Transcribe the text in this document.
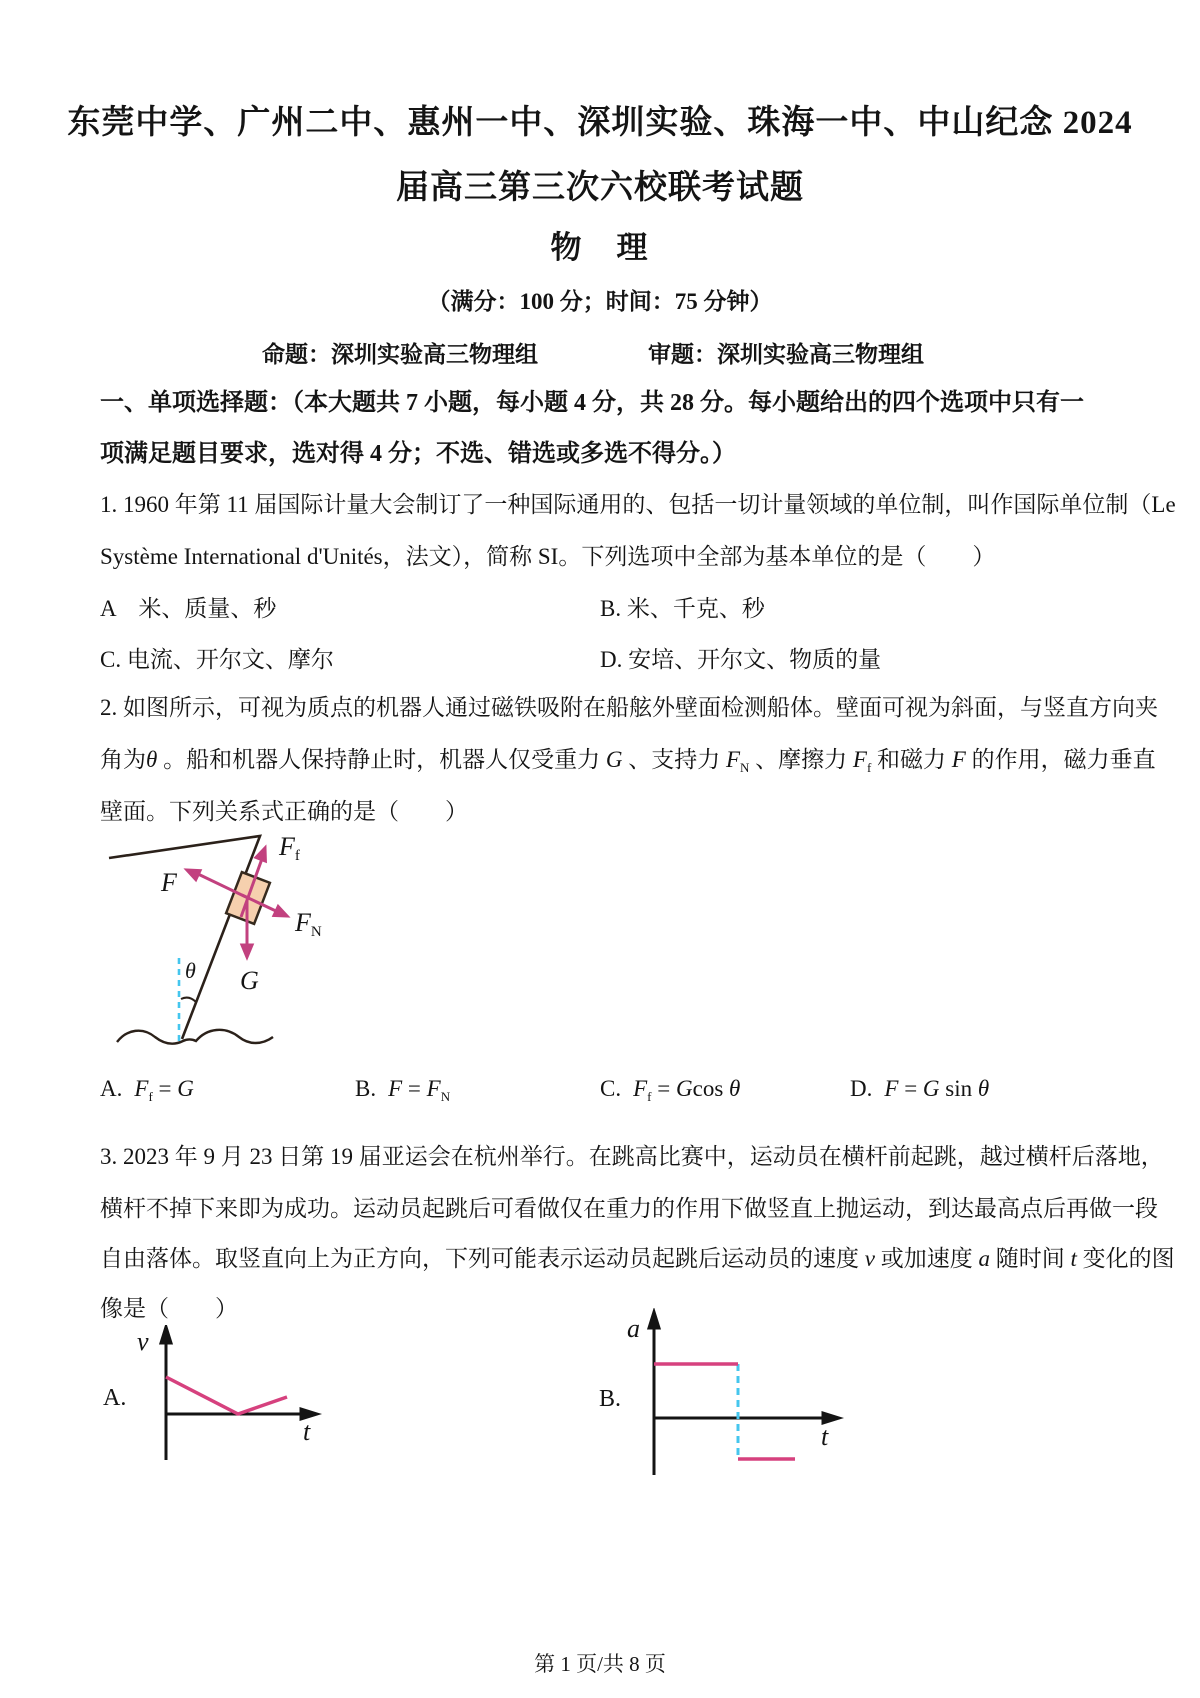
东莞中学、广州二中、惠州一中、深圳实验、珠海一中、中山纪念 2024
届高三第三次六校联考试题
物　理
（满分：100 分；时间：75 分钟）
命题：深圳实验高三物理组	审题：深圳实验高三物理组
一、单项选择题：（本大题共 7 小题，每小题 4 分，共 28 分。每小题给出的四个选项中只有一
项满足题目要求，选对得 4 分；不选、错选或多选不得分。）
1. 1960 年第 11 届国际计量大会制订了一种国际通用的、包括一切计量领域的单位制，叫作国际单位制（Le
Système International d'Unités，法文），简称 SI。下列选项中全部为基本单位的是（　　）
A　米、质量、秒	B. 米、千克、秒
C. 电流、开尔文、摩尔	D. 安培、开尔文、物质的量
2. 如图所示，可视为质点的机器人通过磁铁吸附在船舷外壁面检测船体。壁面可视为斜面，与竖直方向夹
角为θ 。船和机器人保持静止时，机器人仅受重力 G 、支持力 $F_N$ 、摩擦力 $F_f$ 和磁力 F 的作用，磁力垂直
壁面。下列关系式正确的是（　　）
F
$F_f$
$F_N$
G
θ
A. $F_f = G$	B. $F = F_N$	C. $F_f = Gcos$ θ	D. F = G sin θ
3. 2023 年 9 月 23 日第 19 届亚运会在杭州举行。在跳高比赛中，运动员在横杆前起跳，越过横杆后落地，
横杆不掉下来即为成功。运动员起跳后可看做仅在重力的作用下做竖直上抛运动，到达最高点后再做一段
自由落体。取竖直向上为正方向，下列可能表示运动员起跳后运动员的速度 v 或加速度 a 随时间 t 变化的图
像是（　　）
A.
v
t
B.
a
t
第 1 页/共 8 页
